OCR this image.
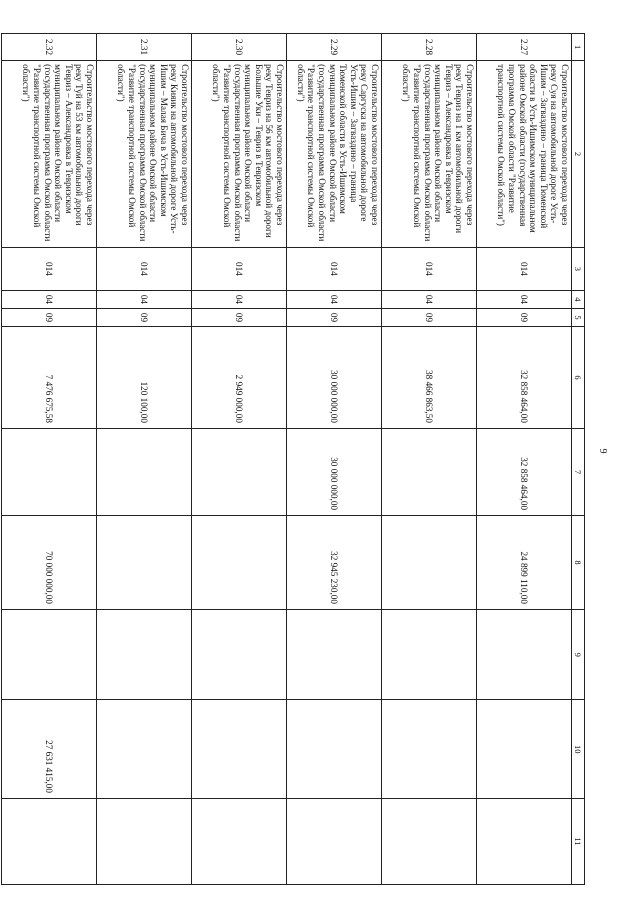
9
1	2	3	4	5	6	7	8	9	10	11
2.27	Строительство мостового перехода через реку Суя на автомобильной дороге Усть-Ишим – Загваздино – граница Тюменской области в Усть-Ишимском муниципальном районе Омской области (государственная программа Омской области "Развитие транспортной системы Омской области")	014	04	09	32 858 464,00	32 858 464,00	24 899 110,00			
2.28	Строительство мостового перехода через реку Тевриз на 1 км автомобильной дороги Тевриз – Александровка в Тевризском муниципальном районе Омской области (государственная программа Омской области "Развитие транспортной системы Омской области")	014	04	09	38 466 863,50					
2.29	Строительство мостового перехода через реку Саргуска на автомобильной дороге Усть-Ишим – Загваздино – граница Тюменской области в Усть-Ишимском муниципальном районе Омской области (государственная программа Омской области "Развитие транспортной системы Омской области")	014	04	09	30 000 000,00	30 000 000,00	32 945 230,00			
2.30	Строительство мостового перехода через реку Тевриз на 56 км автомобильной дороги Большие Уки – Тевриз в Тевризском муниципальном районе Омской области (государственная программа Омской области "Развитие транспортной системы Омской области")	014	04	09	2 949 000,00					
2.31	Строительство мостового перехода через реку Кияик на автомобильной дороге Усть-Ишим – Малая Бича в Усть-Ишимском муниципальном районе Омской области (государственная программа Омской области "Развитие транспортной системы Омской области")	014	04	09	120 100,00					
2.32	Строительство мостового перехода через реку Туй на 53 км автомобильной дороги Тевриз – Александровка в Тевризском муниципальном районе Омской области (государственная программа Омской области "Развитие транспортной системы Омской области")	014	04	09	7 476 675,58		70 000 000,00		27 631 415,00	
